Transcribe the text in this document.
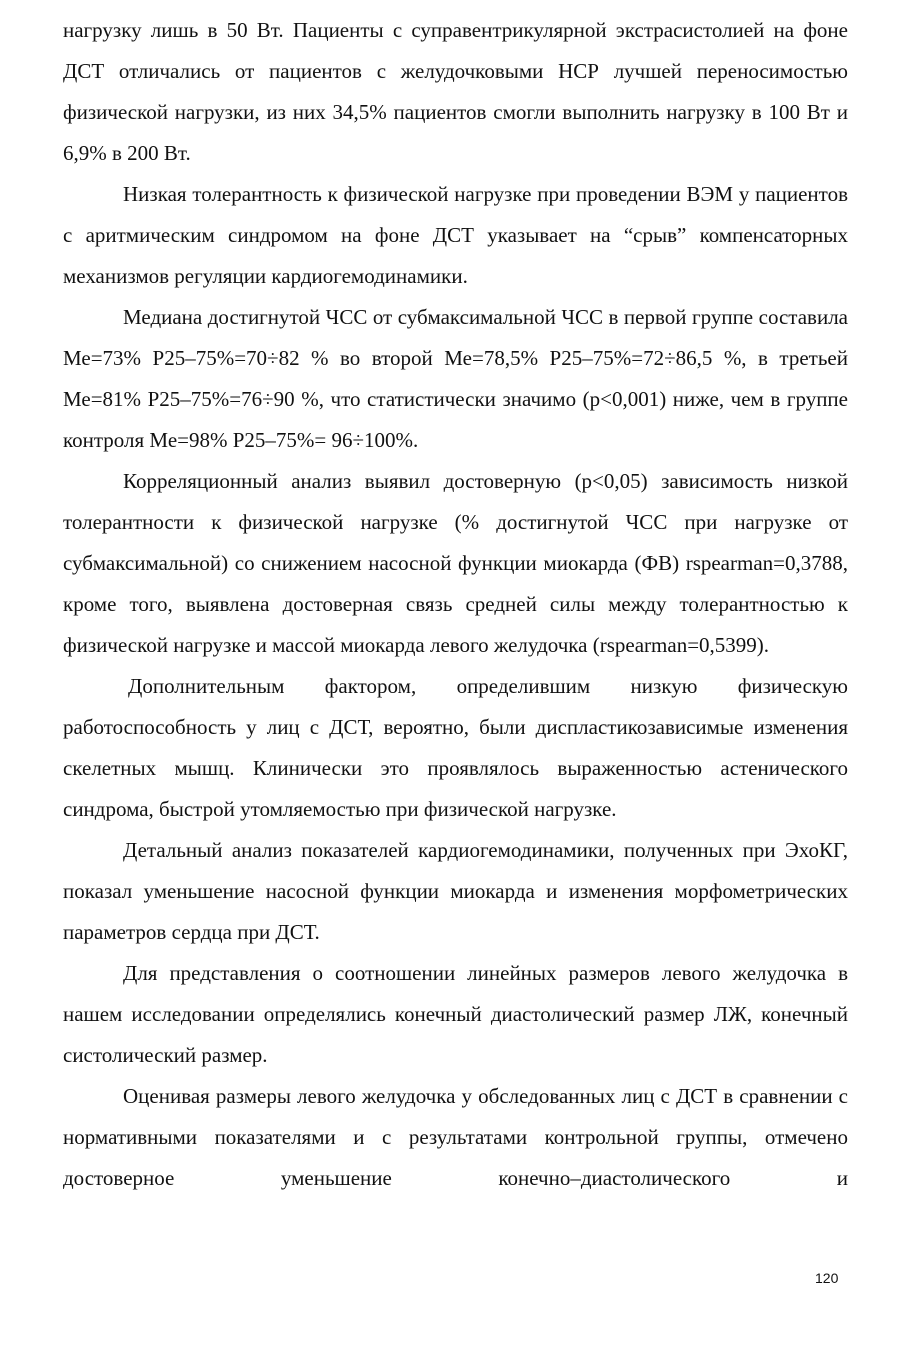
нагрузку лишь в 50 Вт. Пациенты с суправентрикулярной экстрасистолией на фоне ДСТ отличались от пациентов с желудочковыми НСР лучшей переносимостью физической нагрузки, из них 34,5% пациентов смогли выполнить нагрузку в 100 Вт и 6,9% в 200 Вт.

Низкая толерантность к физической нагрузке при проведении ВЭМ у пациентов с аритмическим синдромом на фоне ДСТ указывает на “срыв” компенсаторных механизмов регуляции кардиогемодинамики.

Медиана достигнутой ЧСС от субмаксимальной ЧСС в первой группе составила Ме=73% Р25–75%=70÷82 % во второй Ме=78,5% Р25–75%=72÷86,5 %, в третьей Ме=81% Р25–75%=76÷90 %, что статистически значимо (р<0,001) ниже, чем в группе контроля Ме=98% Р25–75%= 96÷100%.

Корреляционный анализ выявил достоверную (р<0,05) зависимость низкой толерантности к физической нагрузке (% достигнутой ЧСС при нагрузке от субмаксимальной) со снижением насосной функции миокарда (ФВ) rspearman=0,3788, кроме того, выявлена достоверная связь средней силы между толерантностью к физической нагрузке и массой миокарда левого желудочка (rspearman=0,5399).

Дополнительным фактором, определившим низкую физическую работоспособность у лиц с ДСТ, вероятно, были диспластикозависимые изменения скелетных мышц. Клинически это проявлялось выраженностью астенического синдрома, быстрой утомляемостью при физической нагрузке.

Детальный анализ показателей кардиогемодинамики, полученных при ЭхоКГ, показал уменьшение насосной функции миокарда и изменения морфометрических параметров сердца при ДСТ.

Для представления о соотношении линейных размеров левого желудочка в нашем исследовании определялись конечный диастолический размер ЛЖ, конечный систолический размер.

Оценивая размеры левого желудочка у обследованных лиц с ДСТ в сравнении с нормативными показателями и с результатами контрольной группы, отмечено достоверное уменьшение конечно–диастолического и

120
